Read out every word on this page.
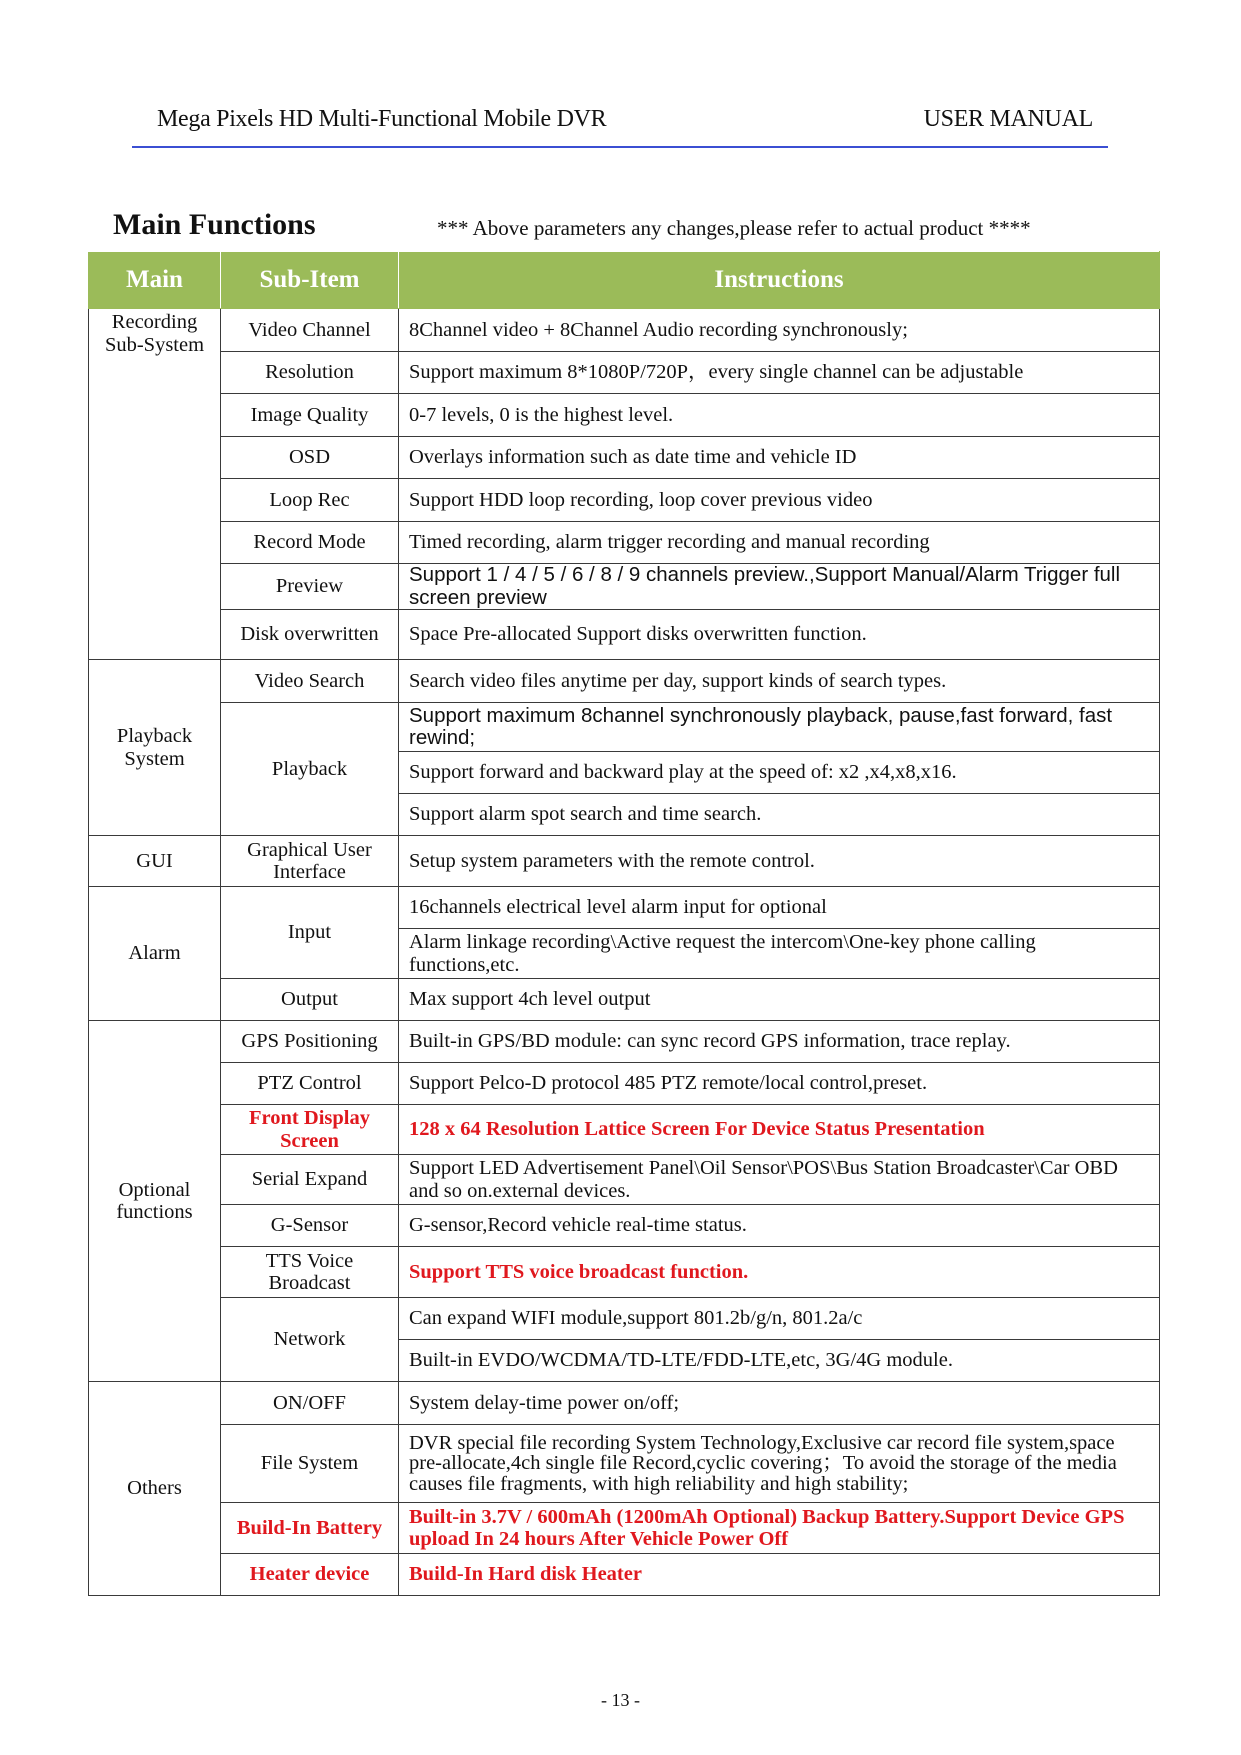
Mega Pixels HD Multi-Functional Mobile DVR	USER MANUAL
Main Functions	*** Above parameters any changes,please refer to actual product ****
Main	Sub-Item	Instructions
Recording Sub-System	Video Channel	8Channel video + 8Channel Audio recording synchronously;
	Resolution	Support maximum 8*1080P/720P，every single channel can be adjustable
	Image Quality	0-7 levels, 0 is the highest level.
	OSD	Overlays information such as date time and vehicle ID
	Loop Rec	Support HDD loop recording, loop cover previous video
	Record Mode	Timed recording, alarm trigger recording and manual recording
	Preview	Support 1 / 4 / 5 / 6 / 8 / 9 channels preview.,Support Manual/Alarm Trigger full screen preview
	Disk overwritten	Space Pre-allocated Support disks overwritten function.
Playback System	Video Search	Search video files anytime per day, support kinds of search types.
	Playback	Support maximum 8channel synchronously playback, pause,fast forward, fast rewind;
		Support forward and backward play at the speed of: x2 ,x4,x8,x16.
		Support alarm spot search and time search.
GUI	Graphical User Interface	Setup system parameters with the remote control.
Alarm	Input	16channels electrical level alarm input for optional
		Alarm linkage recording\Active request the intercom\One-key phone calling functions,etc.
	Output	Max support 4ch level output
Optional functions	GPS Positioning	Built-in GPS/BD module: can sync record GPS information, trace replay.
	PTZ Control	Support Pelco-D protocol 485 PTZ remote/local control,preset.
	Front Display Screen	128 x 64 Resolution Lattice Screen For Device Status Presentation
	Serial Expand	Support LED Advertisement Panel\Oil Sensor\POS\Bus Station Broadcaster\Car OBD and so on.external devices.
	G-Sensor	G-sensor,Record vehicle real-time status.
	TTS Voice Broadcast	Support TTS voice broadcast function.
	Network	Can expand WIFI module,support 801.2b/g/n, 801.2a/c
		Built-in EVDO/WCDMA/TD-LTE/FDD-LTE,etc, 3G/4G module.
Others	ON/OFF	System delay-time power on/off;
	File System	DVR special file recording System Technology,Exclusive car record file system,space pre-allocate,4ch single file Record,cyclic covering；To avoid the storage of the media causes file fragments, with high reliability and high stability;
	Build-In Battery	Built-in 3.7V / 600mAh (1200mAh Optional) Backup Battery.Support Device GPS upload In 24 hours After Vehicle Power Off
	Heater device	Build-In Hard disk Heater
- 13 -
